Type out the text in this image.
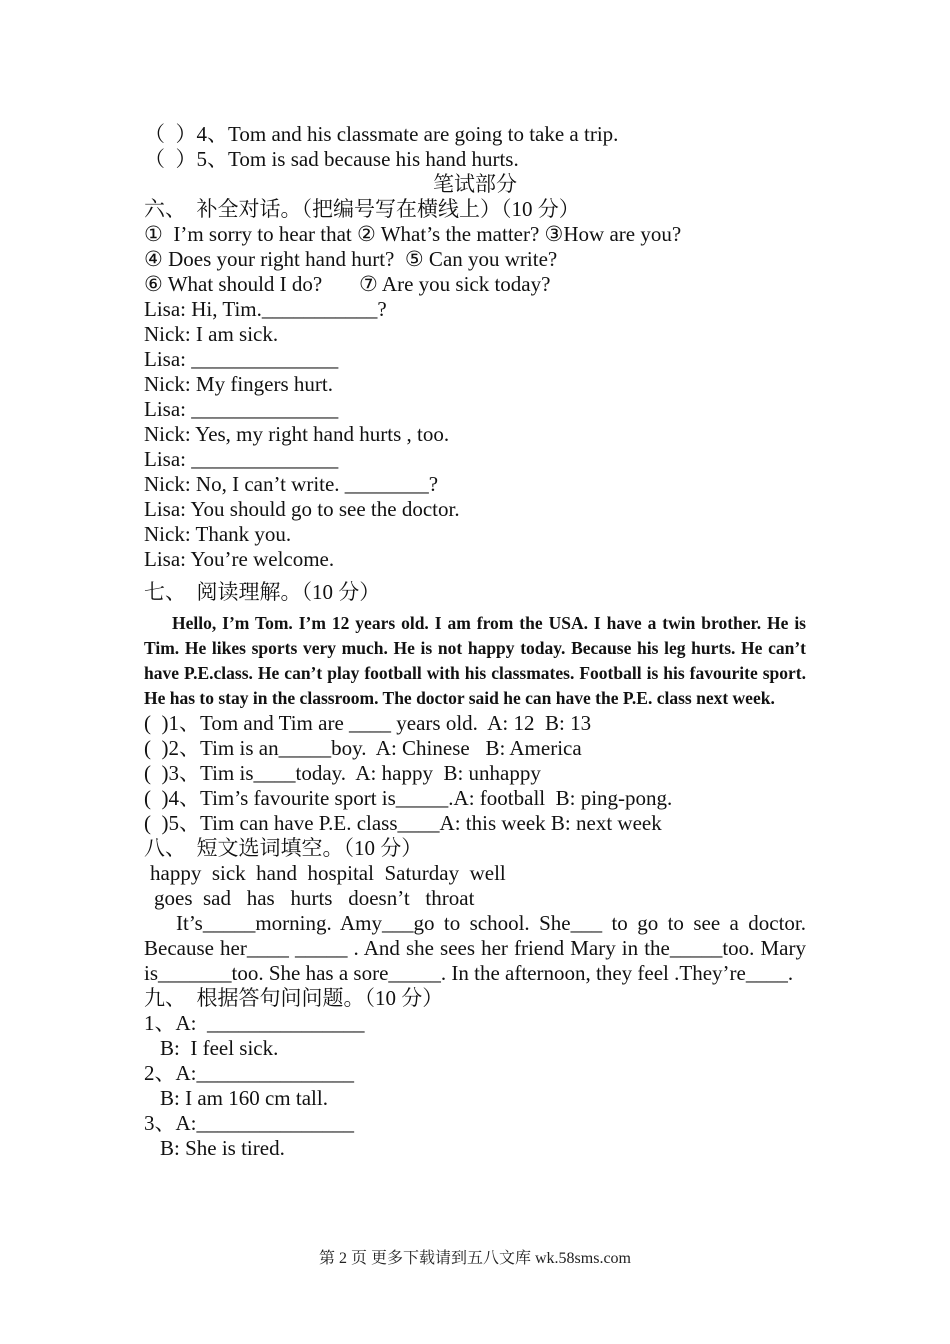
（  ）4、Tom and his classmate are going to take a trip.
（  ）5、Tom is sad because his hand hurts.
笔试部分
六、  补全对话。（把编号写在横线上）（10 分）
①  I’m sorry to hear that ② What’s the matter? ③How are you?
④ Does your right hand hurt?  ⑤ Can you write?
⑥ What should I do?       ⑦ Are you sick today?
Lisa: Hi, Tim.___________?
Nick: I am sick.
Lisa: ______________
Nick: My fingers hurt.
Lisa: ______________
Nick: Yes, my right hand hurts , too.
Lisa: ______________
Nick: No, I can’t write. ________?
Lisa: You should go to see the doctor.
Nick: Thank you.
Lisa: You’re welcome.
七、  阅读理解。（10 分）
Hello, I’m Tom. I’m 12 years old. I am from the USA. I have a twin brother. He is Tim. He likes sports very much. He is not happy today. Because his leg hurts. He can’t have P.E.class. He can’t play football with his classmates. Football is his favourite sport. He has to stay in the classroom. The doctor said he can have the P.E. class next week.
(  )1、Tom and Tim are ____ years old.  A: 12  B: 13
(  )2、Tim is an_____boy.  A: Chinese   B: America
(  )3、Tim is____today.  A: happy  B: unhappy
(  )4、Tim’s favourite sport is_____.A: football  B: ping-pong.
(  )5、Tim can have P.E. class____A: this week B: next week
八、  短文选词填空。（10 分）
happy  sick  hand  hospital  Saturday  well
goes  sad   has   hurts   doesn’t   throat
It’s_____morning. Amy___go to school. She___ to go to see a doctor. Because her____ _____ . And she sees her friend Mary in the_____too. Mary is_______too. She has a sore_____. In the afternoon, they feel .They’re____.
九、  根据答句问问题。（10 分）
1、A:  _______________
B:  I feel sick.
2、A:_______________
B: I am 160 cm tall.
3、A:_______________
B: She is tired.
第 2 页 更多下载请到五八文库 wk.58sms.com
